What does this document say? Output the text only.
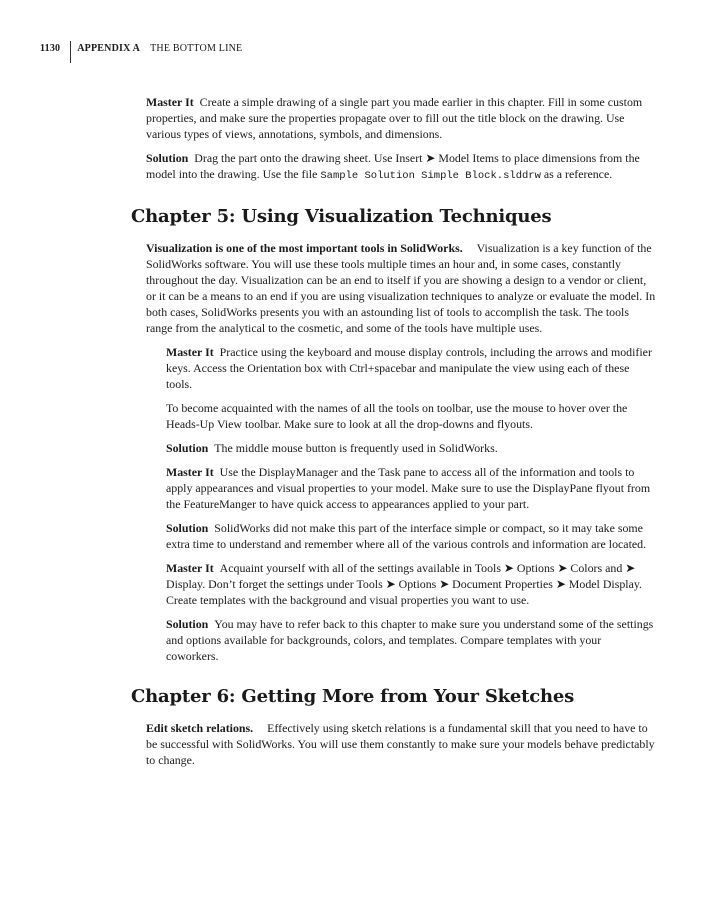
1130 APPENDIX A THE BOTTOM LINE

Master It Create a simple drawing of a single part you made earlier in this chapter. Fill in some custom properties, and make sure the properties propagate over to fill out the title block on the drawing. Use various types of views, annotations, symbols, and dimensions.

Solution Drag the part onto the drawing sheet. Use Insert ➤ Model Items to place dimensions from the model into the drawing. Use the file Sample Solution Simple Block.slddrw as a reference.

Chapter 5: Using Visualization Techniques

Visualization is one of the most important tools in SolidWorks. Visualization is a key function of the SolidWorks software. You will use these tools multiple times an hour and, in some cases, constantly throughout the day. Visualization can be an end to itself if you are showing a design to a vendor or client, or it can be a means to an end if you are using visualization techniques to analyze or evaluate the model. In both cases, SolidWorks presents you with an astounding list of tools to accomplish the task. The tools range from the analytical to the cosmetic, and some of the tools have multiple uses.

Master It Practice using the keyboard and mouse display controls, including the arrows and modifier keys. Access the Orientation box with Ctrl+spacebar and manipulate the view using each of these tools.

To become acquainted with the names of all the tools on toolbar, use the mouse to hover over the Heads-Up View toolbar. Make sure to look at all the drop-downs and flyouts.

Solution The middle mouse button is frequently used in SolidWorks.

Master It Use the DisplayManager and the Task pane to access all of the information and tools to apply appearances and visual properties to your model. Make sure to use the DisplayPane flyout from the FeatureManger to have quick access to appearances applied to your part.

Solution SolidWorks did not make this part of the interface simple or compact, so it may take some extra time to understand and remember where all of the various controls and information are located.

Master It Acquaint yourself with all of the settings available in Tools ➤ Options ➤ Colors and ➤ Display. Don’t forget the settings under Tools ➤ Options ➤ Document Properties ➤ Model Display. Create templates with the background and visual properties you want to use.

Solution You may have to refer back to this chapter to make sure you understand some of the settings and options available for backgrounds, colors, and templates. Compare templates with your coworkers.

Chapter 6: Getting More from Your Sketches

Edit sketch relations. Effectively using sketch relations is a fundamental skill that you need to have to be successful with SolidWorks. You will use them constantly to make sure your models behave predictably to change.
